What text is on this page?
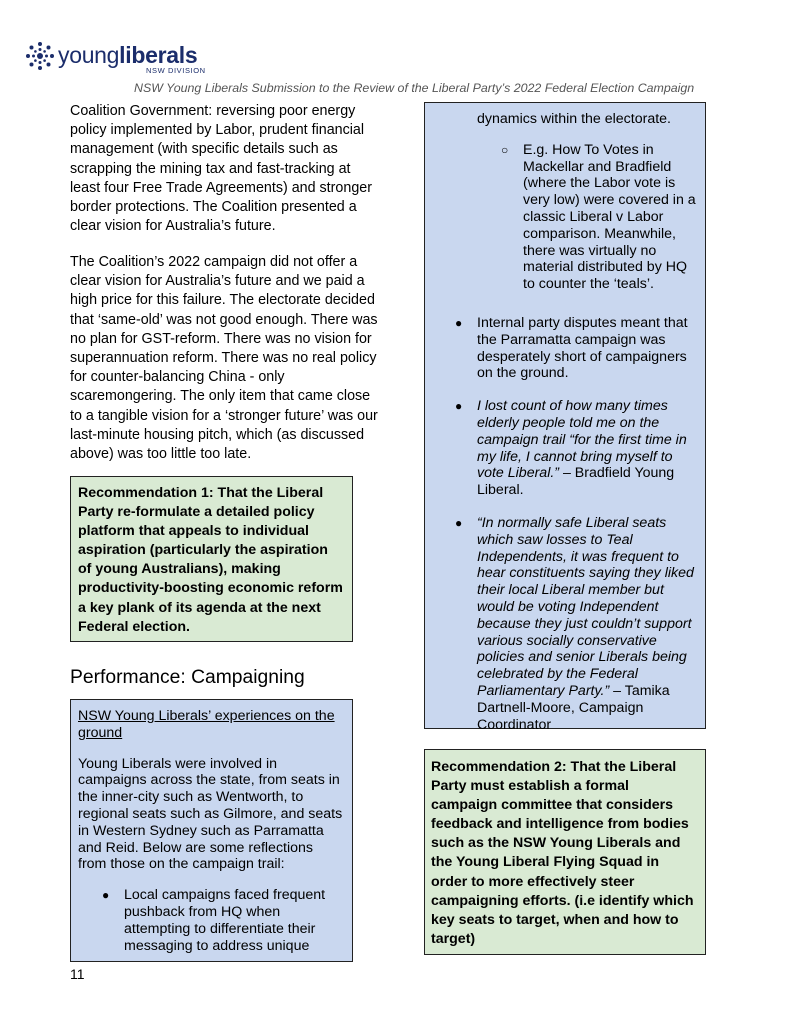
youngliberals
NSW DIVISION
NSW Young Liberals Submission to the Review of the Liberal Party’s 2022 Federal Election Campaign

Coalition Government: reversing poor energy policy implemented by Labor, prudent financial management (with specific details such as scrapping the mining tax and fast-tracking at least four Free Trade Agreements) and stronger border protections. The Coalition presented a clear vision for Australia’s future.

The Coalition’s 2022 campaign did not offer a clear vision for Australia’s future and we paid a high price for this failure. The electorate decided that ‘same-old’ was not good enough. There was no plan for GST-reform. There was no vision for superannuation reform. There was no real policy for counter-balancing China - only scaremongering. The only item that came close to a tangible vision for a ‘stronger future’ was our last-minute housing pitch, which (as discussed above) was too little too late.

Recommendation 1: That the Liberal Party re-formulate a detailed policy platform that appeals to individual aspiration (particularly the aspiration of young Australians), making productivity-boosting economic reform a key plank of its agenda at the next Federal election.

Performance: Campaigning

NSW Young Liberals’ experiences on the ground

Young Liberals were involved in campaigns across the state, from seats in the inner-city such as Wentworth, to regional seats such as Gilmore, and seats in Western Sydney such as Parramatta and Reid. Below are some reflections from those on the campaign trail:

● Local campaigns faced frequent pushback from HQ when attempting to differentiate their messaging to address unique
11

dynamics within the electorate.

○ E.g. How To Votes in Mackellar and Bradfield (where the Labor vote is very low) were covered in a classic Liberal v Labor comparison. Meanwhile, there was virtually no material distributed by HQ to counter the ‘teals’.
● Internal party disputes meant that the Parramatta campaign was desperately short of campaigners on the ground.
● I lost count of how many times elderly people told me on the campaign trail “for the first time in my life, I cannot bring myself to vote Liberal.” – Bradfield Young Liberal.
● “In normally safe Liberal seats which saw losses to Teal Independents, it was frequent to hear constituents saying they liked their local Liberal member but would be voting Independent because they just couldn’t support various socially conservative policies and senior Liberals being celebrated by the Federal Parliamentary Party.” – Tamika Dartnell-Moore, Campaign Coordinator

Recommendation 2: That the Liberal Party must establish a formal campaign committee that considers feedback and intelligence from bodies such as the NSW Young Liberals and the Young Liberal Flying Squad in order to more effectively steer campaigning efforts. (i.e identify which key seats to target, when and how to target)
